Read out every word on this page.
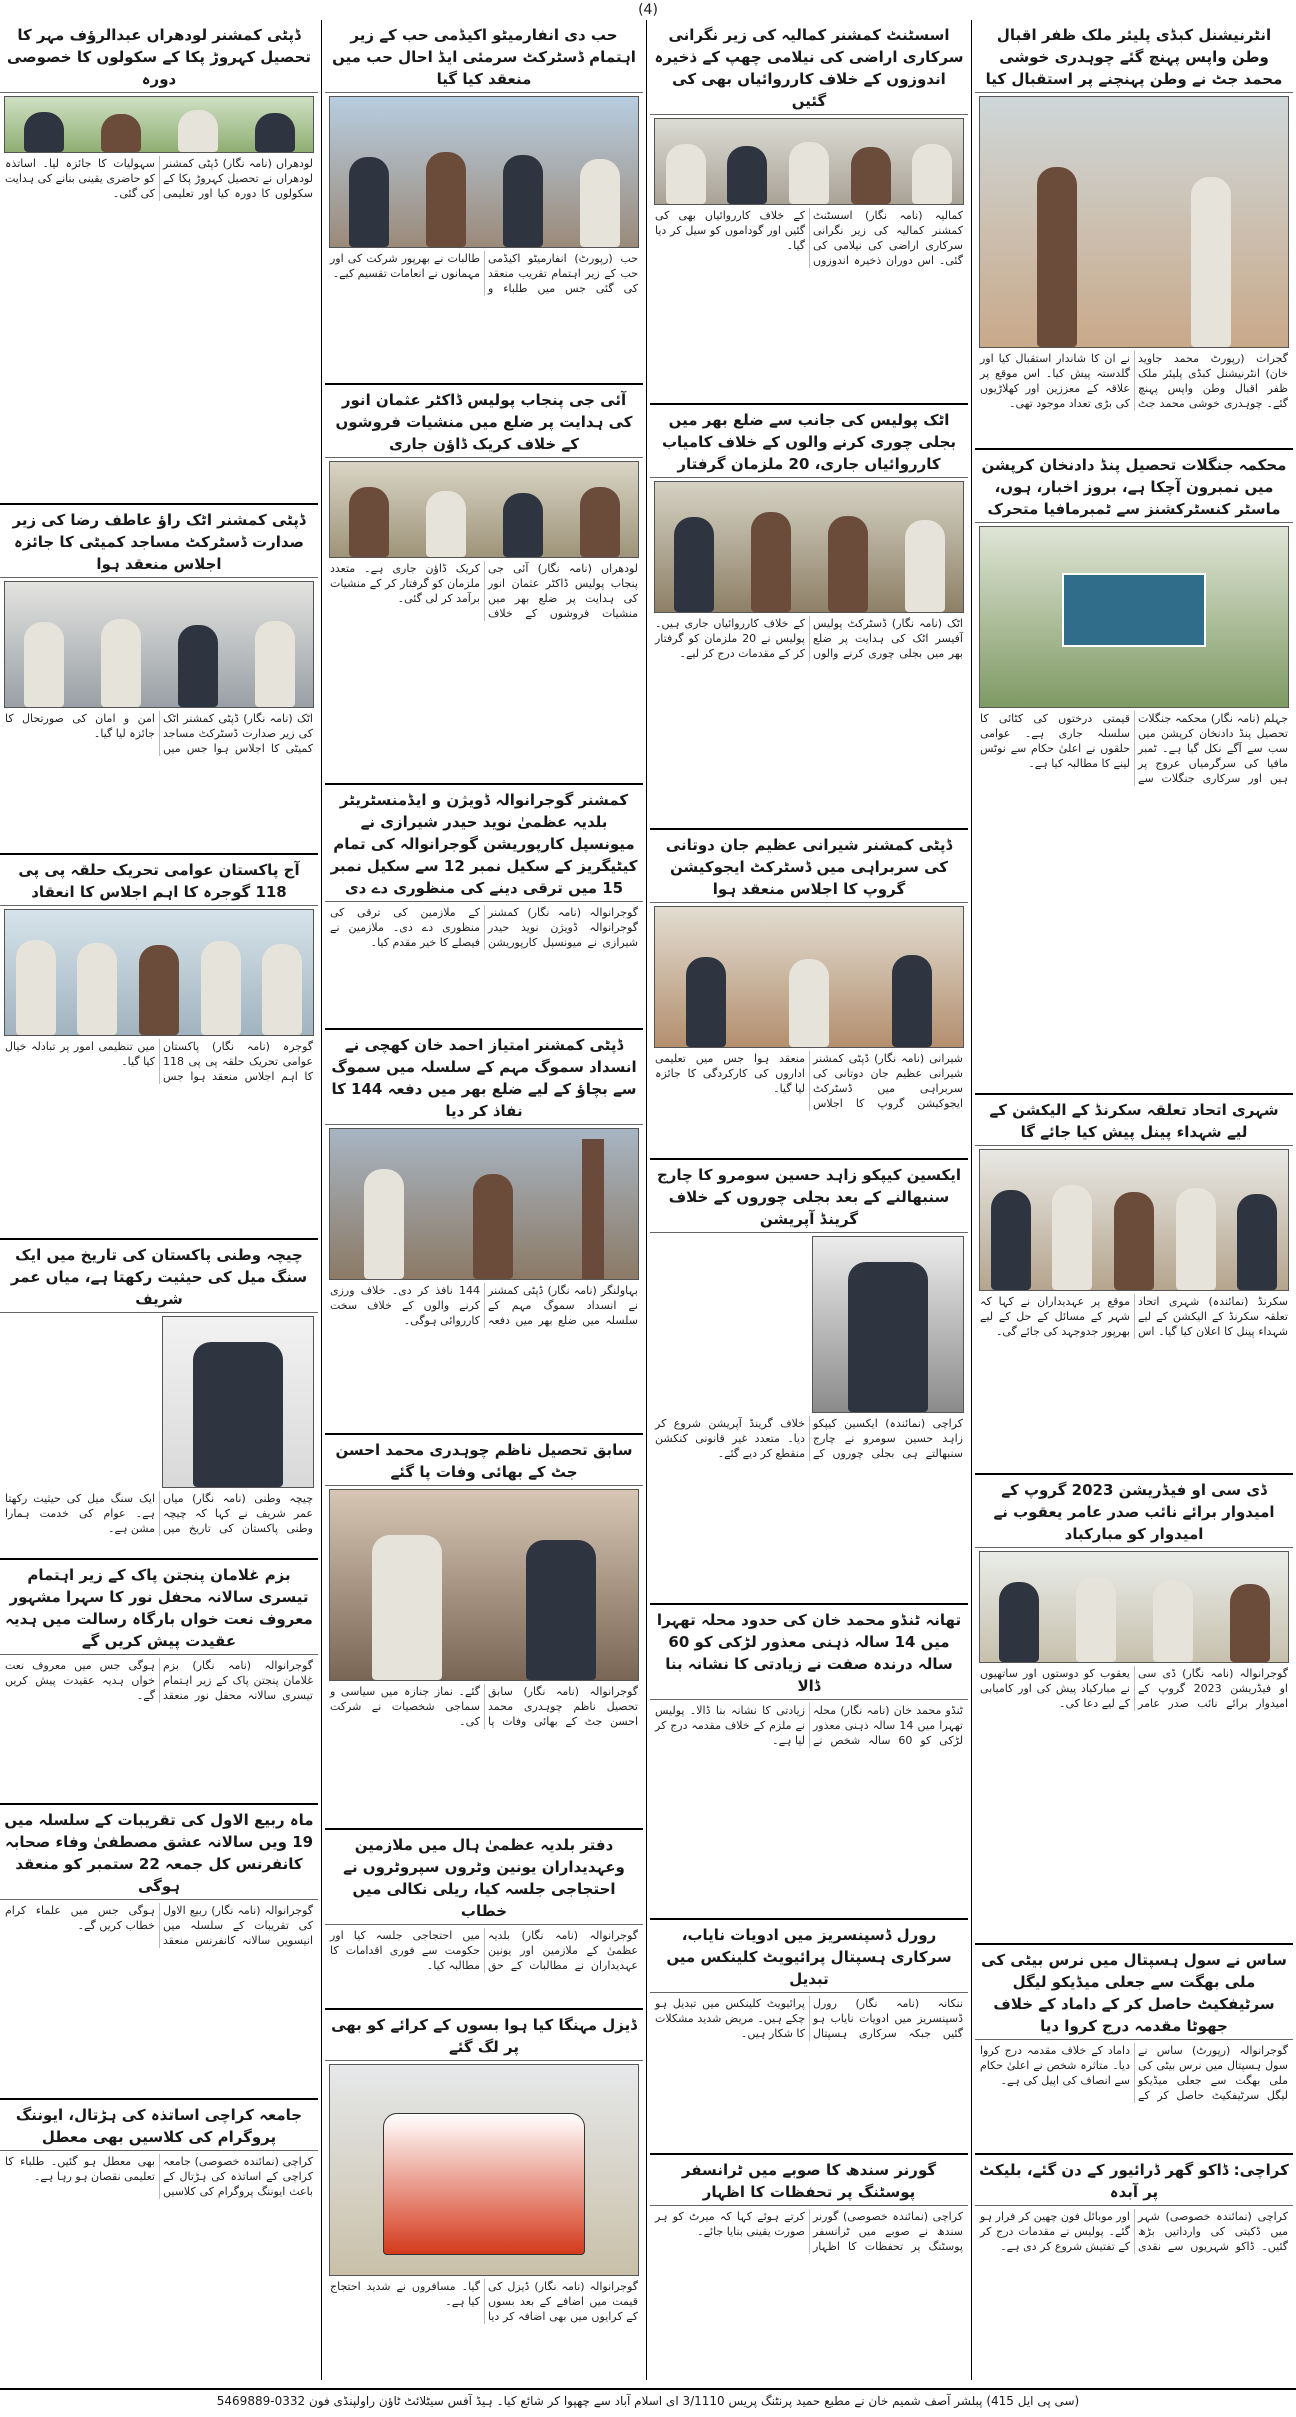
(4)
انٹرنیشنل کبڈی پلیئر ملک ظفر اقبال وطن واپس پہنچ گئے چوہدری خوشی محمد جٹ نے وطن پہنچنے پر استقبال کیا
گجرات (رپورٹ محمد جاوید خان) انٹرنیشنل کبڈی پلیئر ملک ظفر اقبال وطن واپس پہنچ گئے۔ چوہدری خوشی محمد جٹ نے ان کا شاندار استقبال کیا اور گلدستہ پیش کیا۔ اس موقع پر علاقہ کے معززین اور کھلاڑیوں کی بڑی تعداد موجود تھی۔
محکمہ جنگلات تحصیل پنڈ دادنخان کرپشن میں نمبرون آچکا ہے، بروز اخبار، ہوں، ماسٹر کنسٹرکشنز سے ٹمبرمافیا متحرک
جہلم (نامہ نگار) محکمہ جنگلات تحصیل پنڈ دادنخان کرپشن میں سب سے آگے نکل گیا ہے۔ ٹمبر مافیا کی سرگرمیاں عروج پر ہیں اور سرکاری جنگلات سے قیمتی درختوں کی کٹائی کا سلسلہ جاری ہے۔ عوامی حلقوں نے اعلیٰ حکام سے نوٹس لینے کا مطالبہ کیا ہے۔
شہری اتحاد تعلقہ سکرنڈ کے الیکشن کے لیے شہداء پینل پیش کیا جائے گا
سکرنڈ (نمائندہ) شہری اتحاد تعلقہ سکرنڈ کے الیکشن کے لیے شہداء پینل کا اعلان کیا گیا۔ اس موقع پر عہدیداران نے کہا کہ شہر کے مسائل کے حل کے لیے بھرپور جدوجہد کی جائے گی۔
ڈی سی او فیڈریشن 2023 گروپ کے امیدوار برائے نائب صدر عامر یعقوب نے امیدوار کو مبارکباد
گوجرانوالہ (نامہ نگار) ڈی سی او فیڈریشن 2023 گروپ کے امیدوار برائے نائب صدر عامر یعقوب کو دوستوں اور ساتھیوں نے مبارکباد پیش کی اور کامیابی کے لیے دعا کی۔
ساس نے سول ہسپتال میں نرس بیٹی کی ملی بھگت سے جعلی میڈیکو لیگل سرٹیفکیٹ حاصل کر کے داماد کے خلاف جھوٹا مقدمہ درج کروا دیا
گوجرانوالہ (رپورٹ) ساس نے سول ہسپتال میں نرس بیٹی کی ملی بھگت سے جعلی میڈیکو لیگل سرٹیفکیٹ حاصل کر کے داماد کے خلاف مقدمہ درج کروا دیا۔ متاثرہ شخص نے اعلیٰ حکام سے انصاف کی اپیل کی ہے۔
کراچی: ڈاکو گھر ڈرائیور کے دن گئے، بلیکٹ پر آبدہ
کراچی (نمائندہ خصوصی) شہر میں ڈکیتی کی وارداتیں بڑھ گئیں۔ ڈاکو شہریوں سے نقدی اور موبائل فون چھین کر فرار ہو گئے۔ پولیس نے مقدمات درج کر کے تفتیش شروع کر دی ہے۔
اسسٹنٹ کمشنر کمالیہ کی زیر نگرانی سرکاری اراضی کی نیلامی چھپ کے ذخیرہ اندوزوں کے خلاف کارروائیاں بھی کی گئیں
کمالیہ (نامہ نگار) اسسٹنٹ کمشنر کمالیہ کی زیر نگرانی سرکاری اراضی کی نیلامی کی گئی۔ اس دوران ذخیرہ اندوزوں کے خلاف کارروائیاں بھی کی گئیں اور گوداموں کو سیل کر دیا گیا۔
اٹک پولیس کی جانب سے ضلع بھر میں بجلی چوری کرنے والوں کے خلاف کامیاب کارروائیاں جاری، 20 ملزمان گرفتار
اٹک (نامہ نگار) ڈسٹرکٹ پولیس آفیسر اٹک کی ہدایت پر ضلع بھر میں بجلی چوری کرنے والوں کے خلاف کارروائیاں جاری ہیں۔ پولیس نے 20 ملزمان کو گرفتار کر کے مقدمات درج کر لیے۔
ڈپٹی کمشنر شیرانی عظیم جان دوتانی کی سربراہی میں ڈسٹرکٹ ایجوکیشن گروپ کا اجلاس منعقد ہوا
شیرانی (نامہ نگار) ڈپٹی کمشنر شیرانی عظیم جان دوتانی کی سربراہی میں ڈسٹرکٹ ایجوکیشن گروپ کا اجلاس منعقد ہوا جس میں تعلیمی اداروں کی کارکردگی کا جائزہ لیا گیا۔
ایکسین کیپکو زاہد حسین سومرو کا چارج سنبھالنے کے بعد بجلی چوروں کے خلاف گرینڈ آپریشن
کراچی (نمائندہ) ایکسین کیپکو زاہد حسین سومرو نے چارج سنبھالتے ہی بجلی چوروں کے خلاف گرینڈ آپریشن شروع کر دیا۔ متعدد غیر قانونی کنکشن منقطع کر دیے گئے۔
تھانہ ٹنڈو محمد خان کی حدود محلہ تھہرا میں 14 سالہ ذہنی معذور لڑکی کو 60 سالہ درندہ صفت نے زیادتی کا نشانہ بنا ڈالا
ٹنڈو محمد خان (نامہ نگار) محلہ تھہرا میں 14 سالہ ذہنی معذور لڑکی کو 60 سالہ شخص نے زیادتی کا نشانہ بنا ڈالا۔ پولیس نے ملزم کے خلاف مقدمہ درج کر لیا ہے۔
رورل ڈسپنسریز میں ادویات نایاب، سرکاری ہسپتال پرائیویٹ کلینکس میں تبدیل
ننکانہ (نامہ نگار) رورل ڈسپنسریز میں ادویات نایاب ہو گئیں جبکہ سرکاری ہسپتال پرائیویٹ کلینکس میں تبدیل ہو چکے ہیں۔ مریض شدید مشکلات کا شکار ہیں۔
گورنر سندھ کا صوبے میں ٹرانسفر پوسٹنگ پر تحفظات کا اظہار
کراچی (نمائندہ خصوصی) گورنر سندھ نے صوبے میں ٹرانسفر پوسٹنگ پر تحفظات کا اظہار کرتے ہوئے کہا کہ میرٹ کو ہر صورت یقینی بنایا جائے۔
حب دی انفارمیٹو اکیڈمی حب کے زیر اہتمام ڈسٹرکٹ سرمئی ایڈ احال حب میں منعقد کیا گیا
حب (رپورٹ) انفارمیٹو اکیڈمی حب کے زیر اہتمام تقریب منعقد کی گئی جس میں طلباء و طالبات نے بھرپور شرکت کی اور مہمانوں نے انعامات تقسیم کیے۔
آئی جی پنجاب پولیس ڈاکٹر عثمان انور کی ہدایت پر ضلع میں منشیات فروشوں کے خلاف کریک ڈاؤن جاری
لودھراں (نامہ نگار) آئی جی پنجاب پولیس ڈاکٹر عثمان انور کی ہدایت پر ضلع بھر میں منشیات فروشوں کے خلاف کریک ڈاؤن جاری ہے۔ متعدد ملزمان کو گرفتار کر کے منشیات برآمد کر لی گئی۔
کمشنر گوجرانوالہ ڈویژن و ایڈمنسٹریٹر بلدیہ عظمیٰ نوید حیدر شیرازی نے میونسپل کارپوریشن گوجرانوالہ کی تمام کیٹیگریز کے سکیل نمبر 12 سے سکیل نمبر 15 میں ترقی دینے کی منظوری دے دی
گوجرانوالہ (نامہ نگار) کمشنر گوجرانوالہ ڈویژن نوید حیدر شیرازی نے میونسپل کارپوریشن کے ملازمین کی ترقی کی منظوری دے دی۔ ملازمین نے فیصلے کا خیر مقدم کیا۔
ڈپٹی کمشنر امتیاز احمد خان کھچی نے انسداد سموگ مہم کے سلسلہ میں سموگ سے بچاؤ کے لیے ضلع بھر میں دفعہ 144 کا نفاذ کر دیا
بہاولنگر (نامہ نگار) ڈپٹی کمشنر نے انسداد سموگ مہم کے سلسلہ میں ضلع بھر میں دفعہ 144 نافذ کر دی۔ خلاف ورزی کرنے والوں کے خلاف سخت کارروائی ہوگی۔
سابق تحصیل ناظم چوہدری محمد احسن جٹ کے بھائی وفات پا گئے
گوجرانوالہ (نامہ نگار) سابق تحصیل ناظم چوہدری محمد احسن جٹ کے بھائی وفات پا گئے۔ نماز جنازہ میں سیاسی و سماجی شخصیات نے شرکت کی۔
دفتر بلدیہ عظمیٰ ہال میں ملازمین وعہدیداران یونین وٹروں سپروٹروں نے احتجاجی جلسہ کیا، ریلی نکالی میں خطاب
گوجرانوالہ (نامہ نگار) بلدیہ عظمیٰ کے ملازمین اور یونین عہدیداران نے مطالبات کے حق میں احتجاجی جلسہ کیا اور حکومت سے فوری اقدامات کا مطالبہ کیا۔
ڈیزل مہنگا کیا ہوا بسوں کے کرائے کو بھی پر لگ گئے
گوجرانوالہ (نامہ نگار) ڈیزل کی قیمت میں اضافے کے بعد بسوں کے کرایوں میں بھی اضافہ کر دیا گیا۔ مسافروں نے شدید احتجاج کیا ہے۔
ڈپٹی کمشنر لودھراں عبدالرؤف مہر کا تحصیل کہروڑ پکا کے سکولوں کا خصوصی دورہ
لودھراں (نامہ نگار) ڈپٹی کمشنر لودھراں نے تحصیل کہروڑ پکا کے سکولوں کا دورہ کیا اور تعلیمی سہولیات کا جائزہ لیا۔ اساتذہ کو حاضری یقینی بنانے کی ہدایت کی گئی۔
ڈپٹی کمشنر اٹک راؤ عاطف رضا کی زیر صدارت ڈسٹرکٹ مساجد کمیٹی کا جائزہ اجلاس منعقد ہوا
اٹک (نامہ نگار) ڈپٹی کمشنر اٹک کی زیر صدارت ڈسٹرکٹ مساجد کمیٹی کا اجلاس ہوا جس میں امن و امان کی صورتحال کا جائزہ لیا گیا۔
آج پاکستان عوامی تحریک حلقہ پی پی 118 گوجرہ کا اہم اجلاس کا انعقاد
گوجرہ (نامہ نگار) پاکستان عوامی تحریک حلقہ پی پی 118 کا اہم اجلاس منعقد ہوا جس میں تنظیمی امور پر تبادلہ خیال کیا گیا۔
چیچہ وطنی پاکستان کی تاریخ میں ایک سنگ میل کی حیثیت رکھتا ہے، میاں عمر شریف
چیچہ وطنی (نامہ نگار) میاں عمر شریف نے کہا کہ چیچہ وطنی پاکستان کی تاریخ میں ایک سنگ میل کی حیثیت رکھتا ہے۔ عوام کی خدمت ہمارا مشن ہے۔
بزم غلامان پنجتن پاک کے زیر اہتمام تیسری سالانہ محفل نور کا سہرا مشہور معروف نعت خواں بارگاہ رسالت میں ہدیہ عقیدت پیش کریں گے
گوجرانوالہ (نامہ نگار) بزم غلامان پنجتن پاک کے زیر اہتمام تیسری سالانہ محفل نور منعقد ہوگی جس میں معروف نعت خواں ہدیہ عقیدت پیش کریں گے۔
ماہ ربیع الاول کی تقریبات کے سلسلہ میں 19 ویں سالانہ عشق مصطفیٰ وفاء صحابہ کانفرنس کل جمعہ 22 ستمبر کو منعقد ہوگی
گوجرانوالہ (نامہ نگار) ربیع الاول کی تقریبات کے سلسلہ میں انیسویں سالانہ کانفرنس منعقد ہوگی جس میں علماء کرام خطاب کریں گے۔
جامعہ کراچی اساتذہ کی ہڑتال، ایوننگ پروگرام کی کلاسیں بھی معطل
کراچی (نمائندہ خصوصی) جامعہ کراچی کے اساتذہ کی ہڑتال کے باعث ایوننگ پروگرام کی کلاسیں بھی معطل ہو گئیں۔ طلباء کا تعلیمی نقصان ہو رہا ہے۔
(سی پی ایل 415) پبلشر آصف شمیم خان نے مطبع حمید پرنٹنگ پریس 3/1110 ای اسلام آباد سے چھپوا کر شائع کیا۔ ہیڈ آفس سیٹلائٹ ٹاؤن راولپنڈی فون 0332-5469889
